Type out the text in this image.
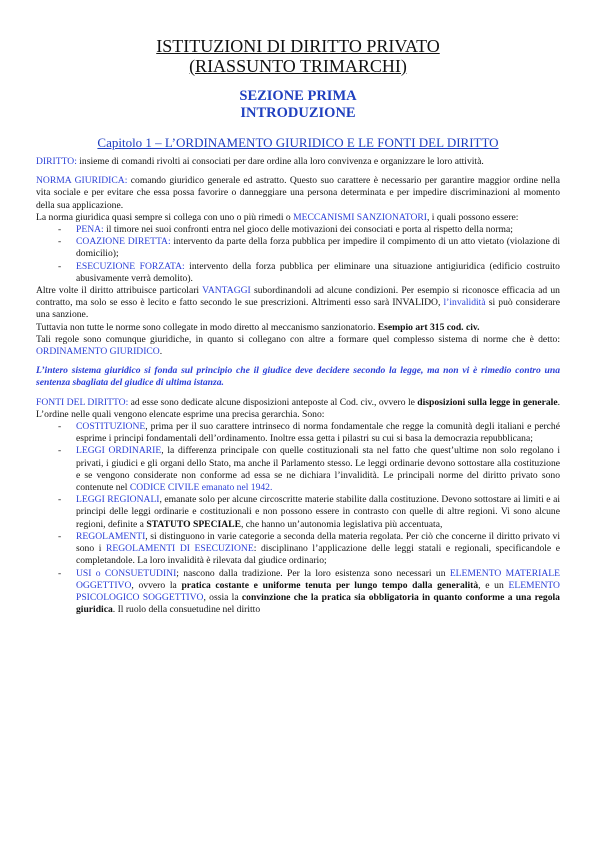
ISTITUZIONI DI DIRITTO PRIVATO

(RIASSUNTO TRIMARCHI)

SEZIONE PRIMA

INTRODUZIONE

Capitolo 1 – L’ORDINAMENTO GIURIDICO E LE FONTI DEL DIRITTO

DIRITTO: insieme di comandi rivolti ai consociati per dare ordine alla loro convivenza e organizzare le loro attività.

NORMA GIURIDICA: comando giuridico generale ed astratto. Questo suo carattere è necessario per garantire maggior ordine nella vita sociale e per evitare che essa possa favorire o danneggiare una persona determinata e per impedire discriminazioni al momento della sua applicazione.

La norma giuridica quasi sempre si collega con uno o più rimedi o MECCANISMI SANZIONATORI, i quali possono essere:

- PENA: il timore nei suoi confronti entra nel gioco delle motivazioni dei consociati e porta al rispetto della norma;
- COAZIONE DIRETTA: intervento da parte della forza pubblica per impedire il compimento di un atto vietato (violazione di domicilio);
- ESECUZIONE FORZATA: intervento della forza pubblica per eliminare una situazione antigiuridica (edificio costruito abusivamente verrà demolito).

Altre volte il diritto attribuisce particolari VANTAGGI subordinandoli ad alcune condizioni. Per esempio si riconosce efficacia ad un contratto, ma solo se esso è lecito e fatto secondo le sue prescrizioni. Altrimenti esso sarà INVALIDO, l’invalidità si può considerare una sanzione.

Tuttavia non tutte le norme sono collegate in modo diretto al meccanismo sanzionatorio. Esempio art 315 cod. civ.

Tali regole sono comunque giuridiche, in quanto si collegano con altre a formare quel complesso sistema di norme che è detto: ORDINAMENTO GIURIDICO.

L’intero sistema giuridico si fonda sul principio che il giudice deve decidere secondo la legge, ma non vi è rimedio contro una sentenza sbagliata del giudice di ultima istanza.

FONTI DEL DIRITTO: ad esse sono dedicate alcune disposizioni anteposte al Cod. civ., ovvero le disposizioni sulla legge in generale. L’ordine nelle quali vengono elencate esprime una precisa gerarchia. Sono:

- COSTITUZIONE, prima per il suo carattere intrinseco di norma fondamentale che regge la comunità degli italiani e perché esprime i principi fondamentali dell’ordinamento. Inoltre essa getta i pilastri su cui si basa la democrazia repubblicana;
- LEGGI ORDINARIE, la differenza principale con quelle costituzionali sta nel fatto che quest’ultime non solo regolano i privati, i giudici e gli organi dello Stato, ma anche il Parlamento stesso. Le leggi ordinarie devono sottostare alla costituzione e se vengono considerate non conforme ad essa se ne dichiara l’invalidità. Le principali norme del diritto privato sono contenute nel CODICE CIVILE emanato nel 1942.
- LEGGI REGIONALI, emanate solo per alcune circoscritte materie stabilite dalla costituzione. Devono sottostare ai limiti e ai principi delle leggi ordinarie e costituzionali e non possono essere in contrasto con quelle di altre regioni. Vi sono alcune regioni, definite a STATUTO SPECIALE, che hanno un’autonomia legislativa più accentuata,
- REGOLAMENTI, si distinguono in varie categorie a seconda della materia regolata. Per ciò che concerne il diritto privato vi sono i REGOLAMENTI DI ESECUZIONE: disciplinano l’applicazione delle leggi statali e regionali, specificandole e completandole. La loro invalidità è rilevata dal giudice ordinario;
- USI o CONSUETUDINI; nascono dalla tradizione. Per la loro esistenza sono necessari un ELEMENTO MATERIALE OGGETTIVO, ovvero la pratica costante e uniforme tenuta per lungo tempo dalla generalità, e un ELEMENTO PSICOLOGICO SOGGETTIVO, ossia la convinzione che la pratica sia obbligatoria in quanto conforme a una regola giuridica. Il ruolo della consuetudine nel diritto
